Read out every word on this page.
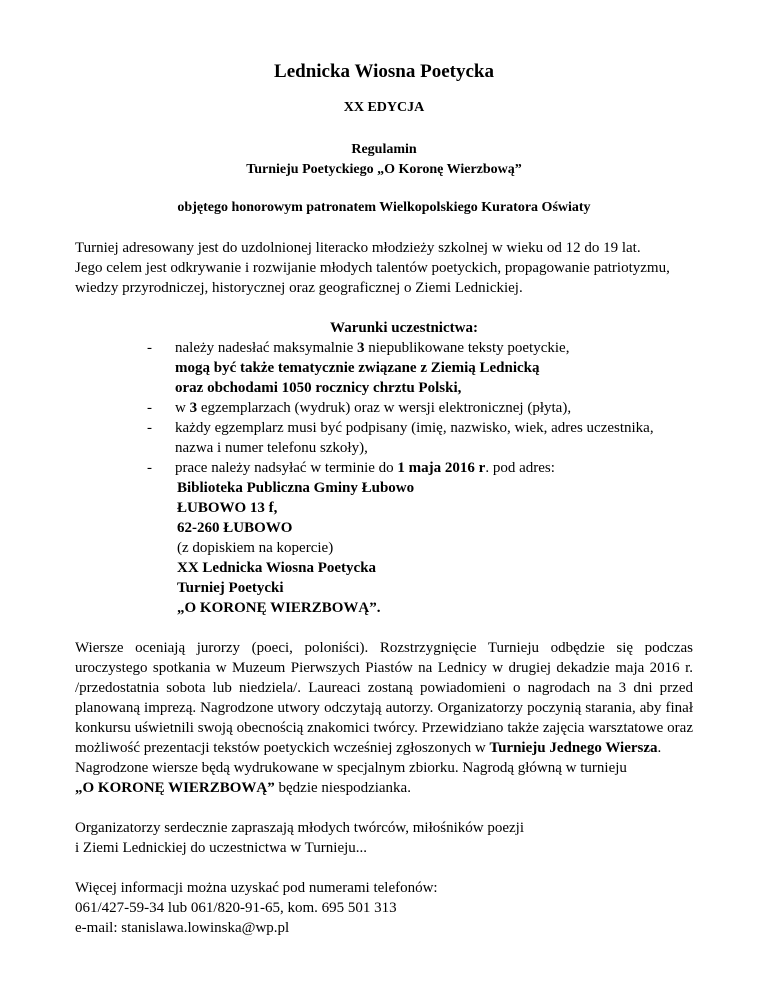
Lednicka Wiosna Poetycka
XX EDYCJA
Regulamin
Turnieju Poetyckiego „O Koronę Wierzbową”
objętego honorowym patronatem Wielkopolskiego Kuratora Oświaty
Turniej adresowany jest do uzdolnionej literacko młodzieży szkolnej w wieku od 12 do 19 lat.
Jego celem jest odkrywanie i rozwijanie młodych talentów poetyckich, propagowanie patriotyzmu,
wiedzy przyrodniczej, historycznej oraz geograficznej o Ziemi Lednickiej.
Warunki uczestnictwa:
- należy nadesłać maksymalnie 3 niepublikowane teksty poetyckie,
mogą być także tematycznie związane z Ziemią Lednicką
oraz obchodami 1050 rocznicy chrztu Polski,
- w 3 egzemplarzach (wydruk) oraz w wersji elektronicznej (płyta),
- każdy egzemplarz musi być podpisany (imię, nazwisko, wiek, adres uczestnika,
nazwa i numer telefonu szkoły),
- prace należy nadsyłać w terminie do 1 maja 2016 r. pod adres:
Biblioteka Publiczna Gminy Łubowo
ŁUBOWO 13 f,
62-260 ŁUBOWO
(z dopiskiem na kopercie)
XX Lednicka Wiosna Poetycka
Turniej Poetycki
„O KORONĘ WIERZBOWĄ”.
Wiersze oceniają jurorzy (poeci, poloniści). Rozstrzygnięcie Turnieju odbędzie się podczas uroczystego spotkania w Muzeum Pierwszych Piastów na Lednicy w drugiej dekadzie maja 2016 r. /przedostatnia sobota lub niedziela/. Laureaci zostaną powiadomieni o nagrodach na 3 dni przed planowaną imprezą. Nagrodzone utwory odczytają autorzy. Organizatorzy poczynią starania, aby finał konkursu uświetnili swoją obecnością znakomici twórcy. Przewidziano także zajęcia warsztatowe oraz możliwość prezentacji tekstów poetyckich wcześniej zgłoszonych w Turnieju Jednego Wiersza.
Nagrodzone wiersze będą wydrukowane w specjalnym zbiorku. Nagrodą główną w turnieju
„O KORONĘ WIERZBOWĄ” będzie niespodzianka.
Organizatorzy serdecznie zapraszają młodych twórców, miłośników poezji
i Ziemi Lednickiej do uczestnictwa w Turnieju...
Więcej informacji można uzyskać pod numerami telefonów:
061/427-59-34 lub 061/820-91-65, kom. 695 501 313
e-mail: stanislawa.lowinska@wp.pl
